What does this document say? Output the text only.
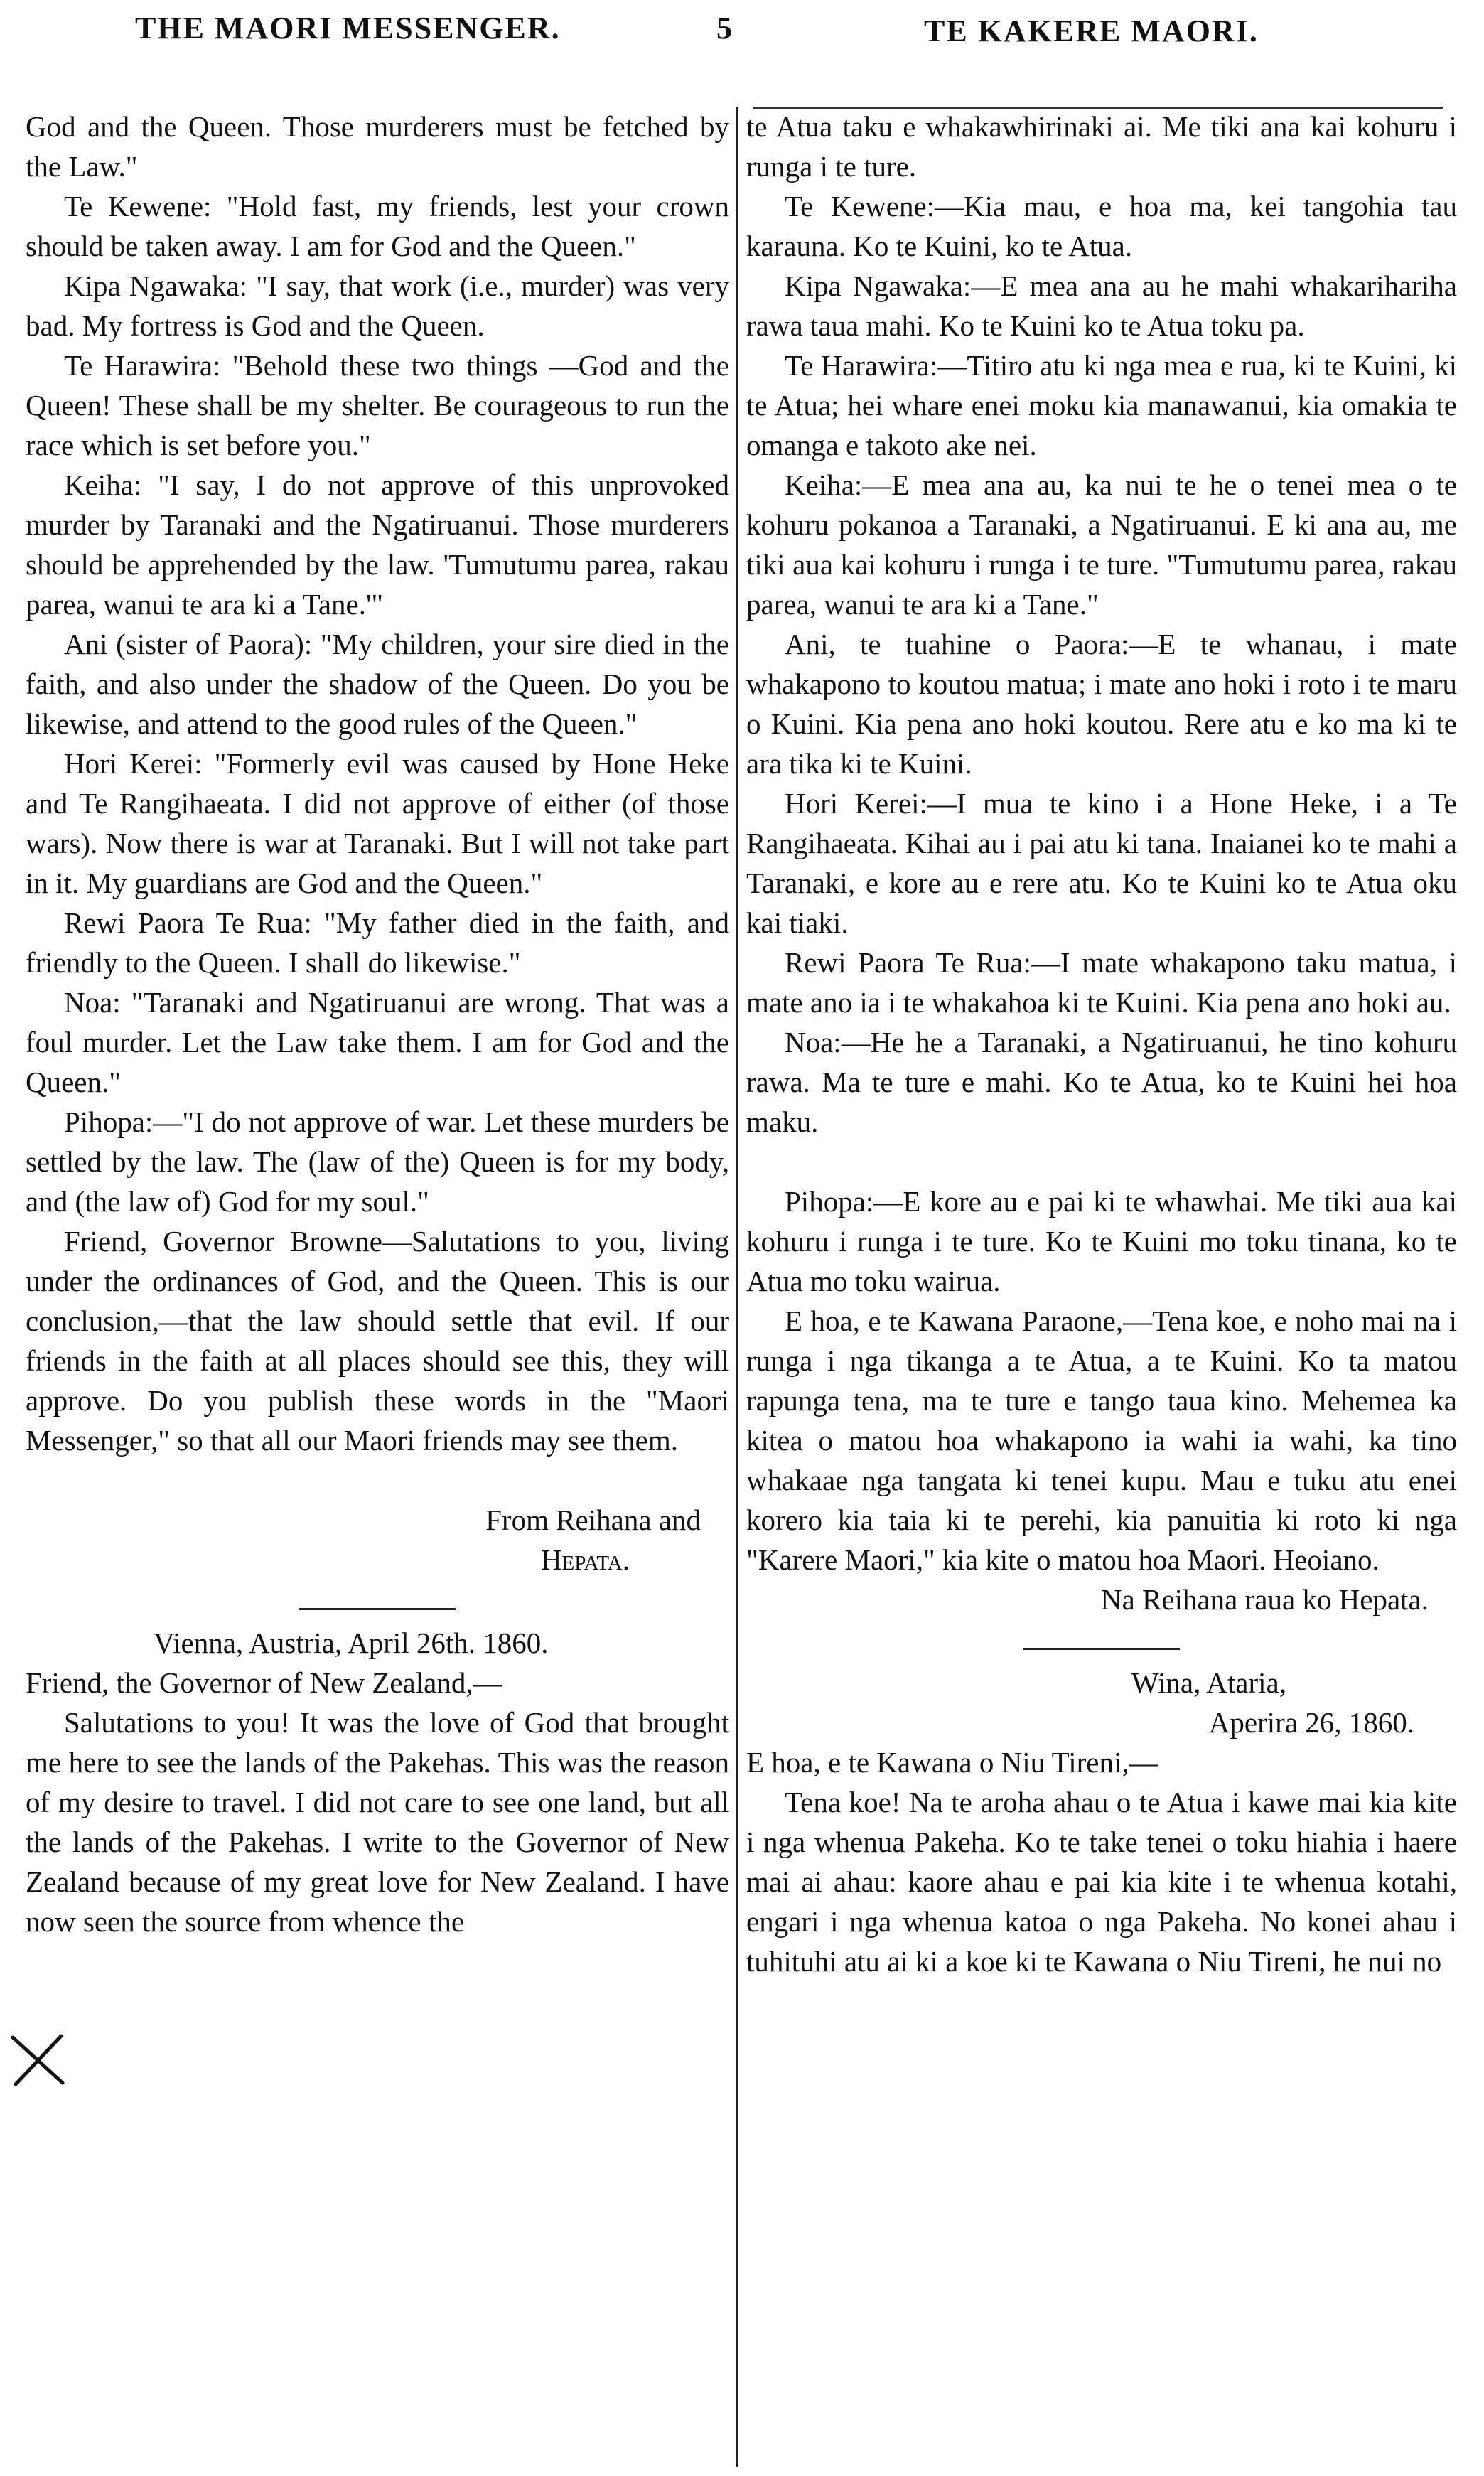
THE MAORI MESSENGER.	5	TE KAKERE MAORI.

God and the Queen. Those murderers must be fetched by the Law."

Te Kewene: "Hold fast, my friends, lest your crown should be taken away. I am for God and the Queen."

Kipa Ngawaka: "I say, that work (i.e., murder) was very bad. My fortress is God and the Queen.

Te Harawira: "Behold these two things —God and the Queen! These shall be my shelter. Be courageous to run the race which is set before you."

Keiha: "I say, I do not approve of this unprovoked murder by Taranaki and the Ngatiruanui. Those murderers should be apprehended by the law. 'Tumutumu parea, rakau parea, wanui te ara ki a Tane.'"

Ani (sister of Paora): "My children, your sire died in the faith, and also under the shadow of the Queen. Do you be likewise, and attend to the good rules of the Queen."

Hori Kerei: "Formerly evil was caused by Hone Heke and Te Rangihaeata. I did not approve of either (of those wars). Now there is war at Taranaki. But I will not take part in it. My guardians are God and the Queen."

Rewi Paora Te Rua: "My father died in the faith, and friendly to the Queen. I shall do likewise."

Noa: "Taranaki and Ngatiruanui are wrong. That was a foul murder. Let the Law take them. I am for God and the Queen."

Pihopa:—"I do not approve of war. Let these murders be settled by the law. The (law of the) Queen is for my body, and (the law of) God for my soul."

Friend, Governor Browne—Salutations to you, living under the ordinances of God, and the Queen. This is our conclusion,—that the law should settle that evil. If our friends in the faith at all places should see this, they will approve. Do you publish these words in the "Maori Messenger," so that all our Maori friends may see them.

From Reihana and

Hepata.

Vienna, Austria, April 26th. 1860.

Friend, the Governor of New Zealand,—

Salutations to you! It was the love of God that brought me here to see the lands of the Pakehas. This was the reason of my desire to travel. I did not care to see one land, but all the lands of the Pakehas. I write to the Governor of New Zealand because of my great love for New Zealand. I have now seen the source from whence the

te Atua taku e whakawhirinaki ai. Me tiki ana kai kohuru i runga i te ture.

Te Kewene:—Kia mau, e hoa ma, kei tangohia tau karauna. Ko te Kuini, ko te Atua.

Kipa Ngawaka:—E mea ana au he mahi whakarihariha rawa taua mahi. Ko te Kuini ko te Atua toku pa.

Te Harawira:—Titiro atu ki nga mea e rua, ki te Kuini, ki te Atua; hei whare enei moku kia manawanui, kia omakia te omanga e takoto ake nei.

Keiha:—E mea ana au, ka nui te he o tenei mea o te kohuru pokanoa a Taranaki, a Ngatiruanui. E ki ana au, me tiki aua kai kohuru i runga i te ture. "Tumutumu parea, rakau parea, wanui te ara ki a Tane."

Ani, te tuahine o Paora:—E te whanau, i mate whakapono to koutou matua; i mate ano hoki i roto i te maru o Kuini. Kia pena ano hoki koutou. Rere atu e ko ma ki te ara tika ki te Kuini.

Hori Kerei:—I mua te kino i a Hone Heke, i a Te Rangihaeata. Kihai au i pai atu ki tana. Inaianei ko te mahi a Taranaki, e kore au e rere atu. Ko te Kuini ko te Atua oku kai tiaki.

Rewi Paora Te Rua:—I mate whakapono taku matua, i mate ano ia i te whakahoa ki te Kuini. Kia pena ano hoki au.

Noa:—He he a Taranaki, a Ngatiruanui, he tino kohuru rawa. Ma te ture e mahi. Ko te Atua, ko te Kuini hei hoa maku.

Pihopa:—E kore au e pai ki te whawhai. Me tiki aua kai kohuru i runga i te ture. Ko te Kuini mo toku tinana, ko te Atua mo toku wairua.

E hoa, e te Kawana Paraone,—Tena koe, e noho mai na i runga i nga tikanga a te Atua, a te Kuini. Ko ta matou rapunga tena, ma te ture e tango taua kino. Mehemea ka kitea o matou hoa whakapono ia wahi ia wahi, ka tino whakaae nga tangata ki tenei kupu. Mau e tuku atu enei korero kia taia ki te perehi, kia panuitia ki roto ki nga "Karere Maori," kia kite o matou hoa Maori. Heoiano.

Na Reihana raua ko Hepata.

Wina, Ataria,

Aperira 26, 1860.

E hoa, e te Kawana o Niu Tireni,—

Tena koe! Na te aroha ahau o te Atua i kawe mai kia kite i nga whenua Pakeha. Ko te take tenei o toku hiahia i haere mai ai ahau: kaore ahau e pai kia kite i te whenua kotahi, engari i nga whenua katoa o nga Pakeha. No konei ahau i tuhituhi atu ai ki a koe ki te Kawana o Niu Tireni, he nui no
